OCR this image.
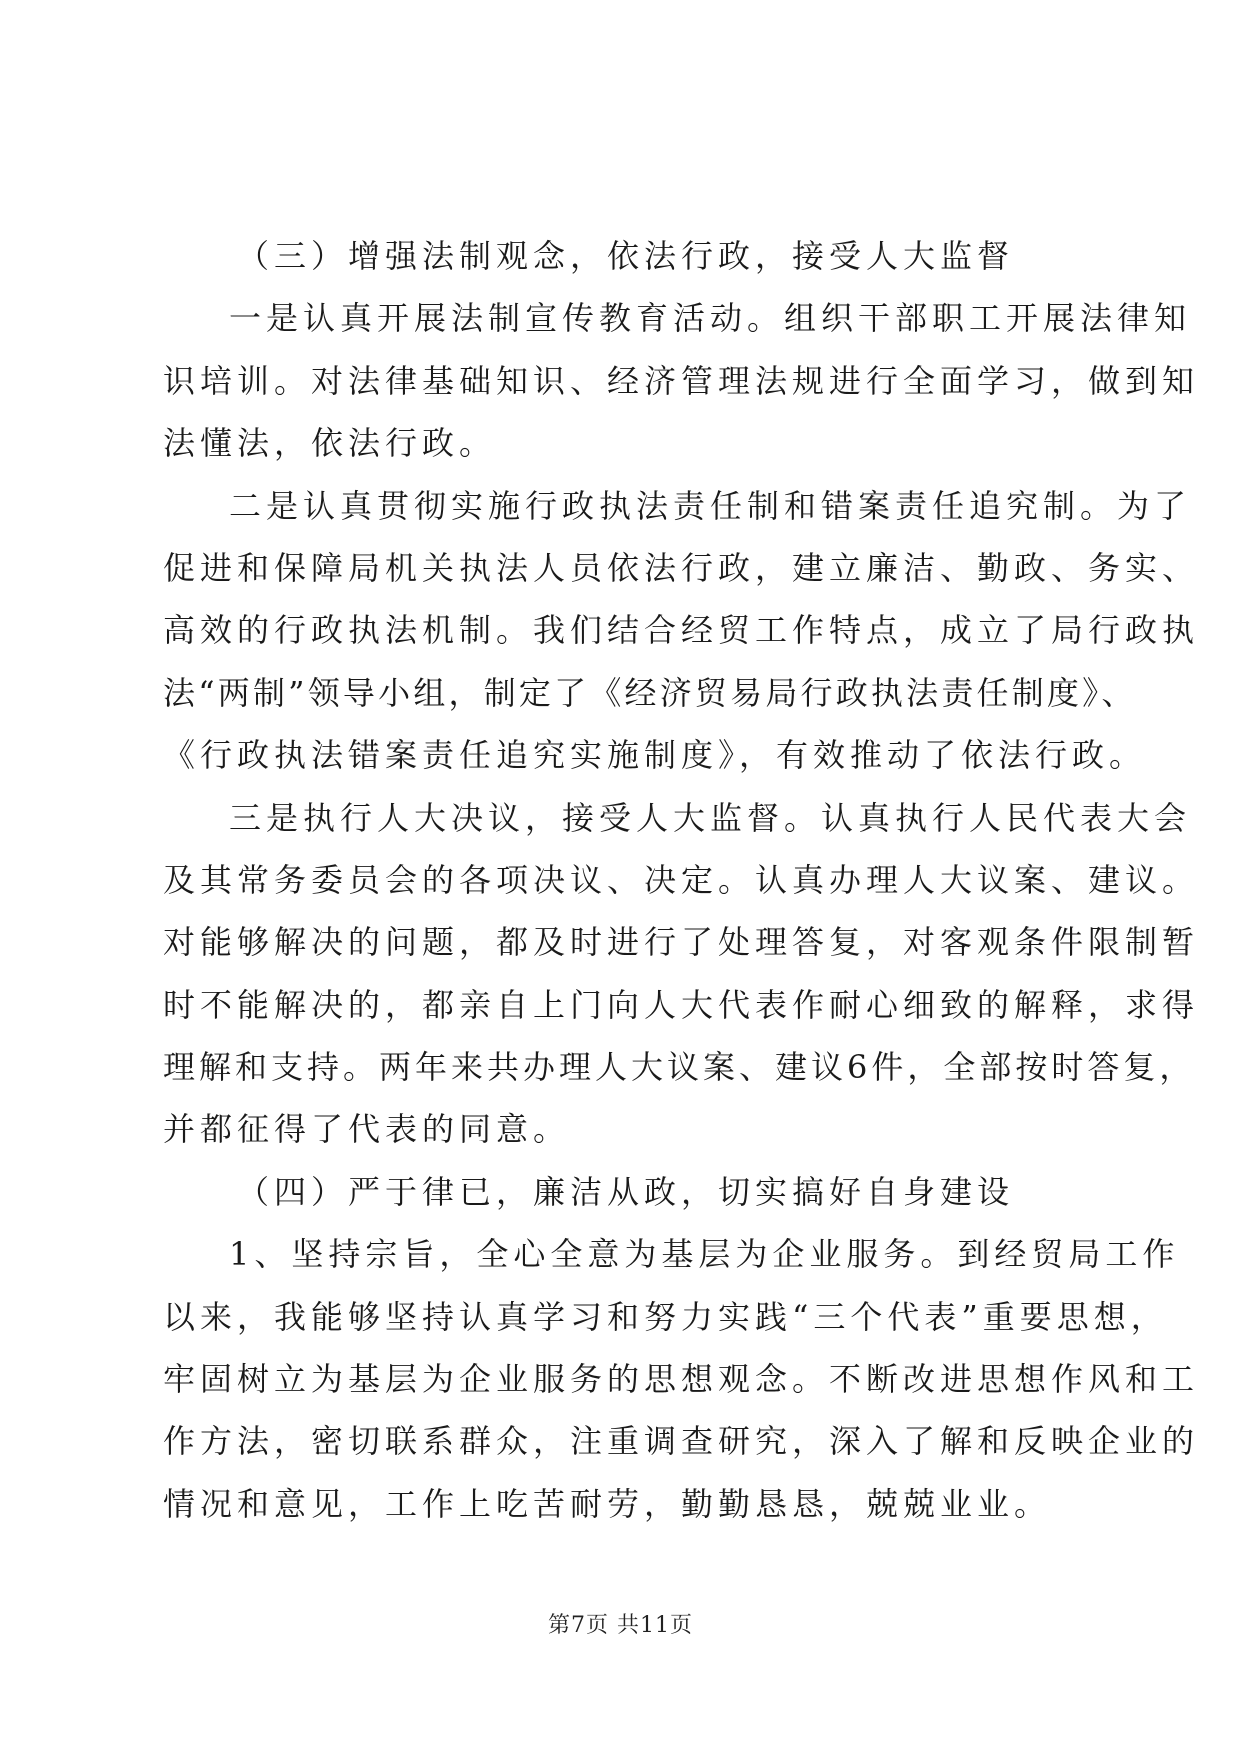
（三）增强法制观念，依法行政，接受人大监督
一是认真开展法制宣传教育活动。组织干部职工开展法律知
识培训。对法律基础知识、经济管理法规进行全面学习，做到知
法懂法，依法行政。
二是认真贯彻实施行政执法责任制和错案责任追究制。为了
促进和保障局机关执法人员依法行政，建立廉洁、勤政、务实、
高效的行政执法机制。我们结合经贸工作特点，成立了局行政执
法“两制”领导小组，制定了《经济贸易局行政执法责任制度》、
《行政执法错案责任追究实施制度》，有效推动了依法行政。
三是执行人大决议，接受人大监督。认真执行人民代表大会
及其常务委员会的各项决议、决定。认真办理人大议案、建议。
对能够解决的问题，都及时进行了处理答复，对客观条件限制暂
时不能解决的，都亲自上门向人大代表作耐心细致的解释，求得
理解和支持。两年来共办理人大议案、建议6件，全部按时答复，
并都征得了代表的同意。
（四）严于律已，廉洁从政，切实搞好自身建设
1、坚持宗旨，全心全意为基层为企业服务。到经贸局工作
以来，我能够坚持认真学习和努力实践“三个代表”重要思想，
牢固树立为基层为企业服务的思想观念。不断改进思想作风和工
作方法，密切联系群众，注重调查研究，深入了解和反映企业的
情况和意见，工作上吃苦耐劳，勤勤恳恳，兢兢业业。
第7页 共11页
